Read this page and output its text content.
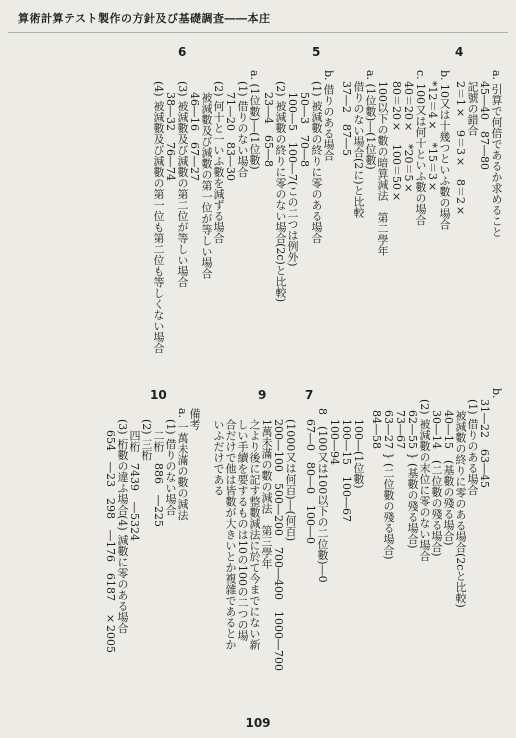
算術計算テスト製作の方針及び基礎調査――本庄
4
a. 引算で何倍であるか求めること
　45―40　87―80
　記號の錯合
　2＝1×　9＝3×　8＝2×
b. 10又は十幾つといふ數の場合
　*12＝4×　*15＝3×
c. 100又は何十といふ數の場合
　40＝20×　*20＝5×
　80＝20×　100＝50×
5
　100以下の數の暗算減法　第二學年
a. (1位數)―(1位數)
　借りのない場合(2に)と比較
　37―2　87―5
b. 借りのある場合
　(1) 被減數の終りに零のある場合
　　50―3　70―8
　　100―5　100―7(この二つは例外)
　(2) 被減數の終りに零のない場合(2c)と比較)
　　23―4　65―8
6
a. (1位數)―(1位數)
　(1) 借りのない場合
　　71―20　83―30
　(2) 何十と一いふ數を減ずる場合
　　被減數及び減數の第一位が等しい場合
　　46―16　67―27
　(3) 被減數及び減數の第二位が等しい場合
　　38―32　76―74
　(4) 被減數及び減數の第一位も第二位も等しくない場合
b.
　31―22　63―45
　(1) 借りのある場合
　　被減數の終りに零のある場合(2cと比較)
　　40―15　(基數の殘る場合)
　　30―14　(二位數の殘る場合)
　(2) 被減數の末位に零のない場合
　　62―55 } (基數の殘る場合)
　　73―67
　　63―27 } (二位數の殘る場合)
　　84―58
7
　100―(1位數)
　100―15　100―67
　100―94
8　(100又は100以下の二位數)―0
　67―0　80―0　100―0
9
　(1000又は何百)―(何百)
　200―100　500―200　700―400　1000―700
　1萬未滿の數の減法　第三學年
　之より後に記す整數減法に於て今までにない新
　しい手續を要するものは10の100の二つの場
　合だけで他は皆數が大きいとか複雜であるとか
　いふだけである
10
備考
a. 一萬未滿の數の減法
　(1) 借りのない場合
　　二桁　886　―225
　(2) 三桁
　　四桁　7439　―5324
　(3) 桁數の違ふ場合(4) 減數に零のある場合
　　654　―23　298　―176　6187　×2005
109
